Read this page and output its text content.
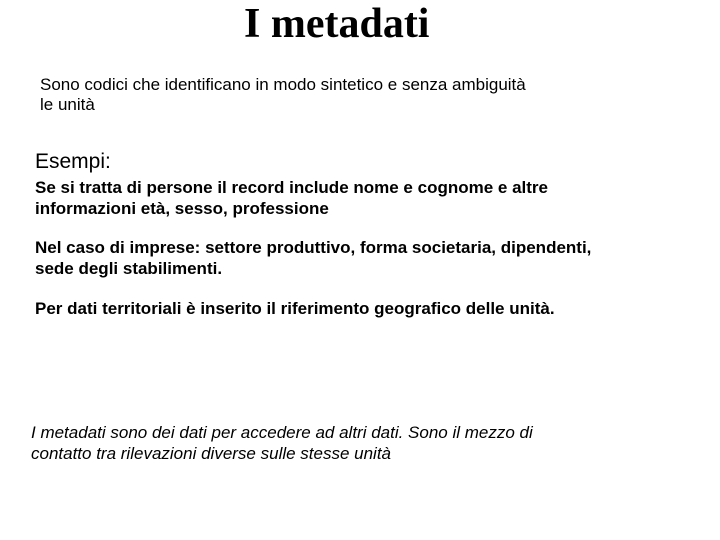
I metadati
Sono codici che identificano in modo sintetico e senza ambiguità
le unità
Esempi:
Se si tratta di persone il record include nome e cognome e altre
informazioni età, sesso, professione
Nel caso di imprese: settore produttivo, forma societaria, dipendenti,
sede degli stabilimenti.
Per dati territoriali è inserito il riferimento geografico delle unità.
I metadati sono dei dati per accedere ad altri dati. Sono il mezzo di
contatto tra rilevazioni diverse sulle stesse unità
